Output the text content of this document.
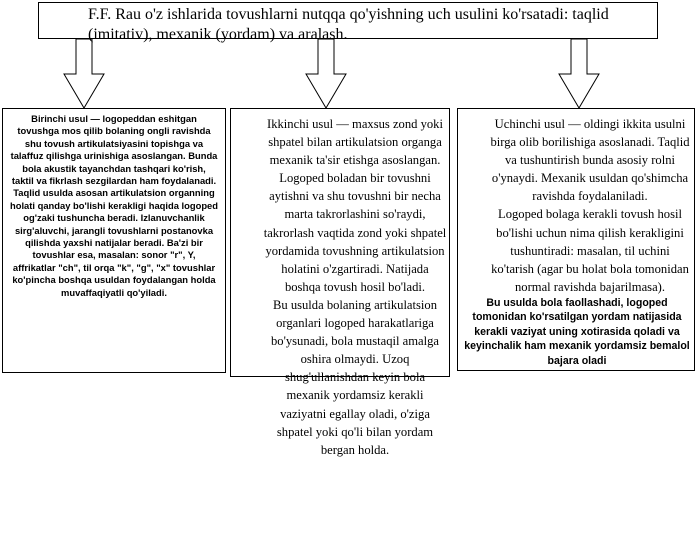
F.F. Rau o'z ishlarida tovushlarni nutqqa qo'yishning uch usulini ko'rsatadi: taqlid (imitativ), mexanik (yordam) va aralash.
Birinchi usul — logopeddan eshitgan tovushga mos qilib bolaning ongli ravishda shu tovush artikulatsiyasini topishga va talaffuz qilishga urinishiga asoslangan. Bunda bola akustik tayanchdan tashqari ko'rish, taktil va fikrlash sezgilardan ham foydalanadi. Taqlid usulda asosan artikulatsion organning holati qanday bo'lishi kerakligi haqida logoped og'zaki tushuncha beradi. Izlanuvchanlik sirg'aluvchi, jarangli tovushlarni postanovka qilishda yaxshi natijalar beradi. Ba'zi bir tovushlar esa, masalan: sonor "r", Y, affrikatlar "ch", til orqa "k", "g", "x" tovushlar ko'pincha boshqa usuldan foydalangan holda muvaffaqiyatli qo'yiladi.
Ikkinchi usul — maxsus zond yoki shpatel bilan artikulatsion organga mexanik ta'sir etishga asoslangan. Logoped boladan bir tovushni aytishni va shu tovushni bir necha marta takrorlashini so'raydi, takrorlash vaqtida zond yoki shpatel yordamida tovushning artikulatsion holatini o'zgartiradi. Natijada boshqa tovush hosil bo'ladi.
Bu usulda bolaning artikulatsion organlari logoped harakatlariga bo'ysunadi, bola mustaqil amalga oshira olmaydi. Uzoq shug'ullanishdan keyin bola mexanik yordamsiz kerakli vaziyatni egallay oladi, o'ziga shpatel yoki qo'li bilan yordam bergan holda.
Uchinchi usul — oldingi ikkita usulni birga olib borilishiga asoslanadi. Taqlid va tushuntirish bunda asosiy rolni o'ynaydi. Mexanik usuldan qo'shimcha ravishda foydalaniladi.
Logoped bolaga kerakli tovush hosil bo'lishi uchun nima qilish kerakligini tushuntiradi: masalan, til uchini ko'tarish (agar bu holat bola tomonidan normal ravishda bajarilmasa).
Bu usulda bola faollashadi, logoped tomonidan ko'rsatilgan yordam natijasida kerakli vaziyat uning xotirasida qoladi va keyinchalik ham mexanik yordamsiz bemalol bajara oladi
